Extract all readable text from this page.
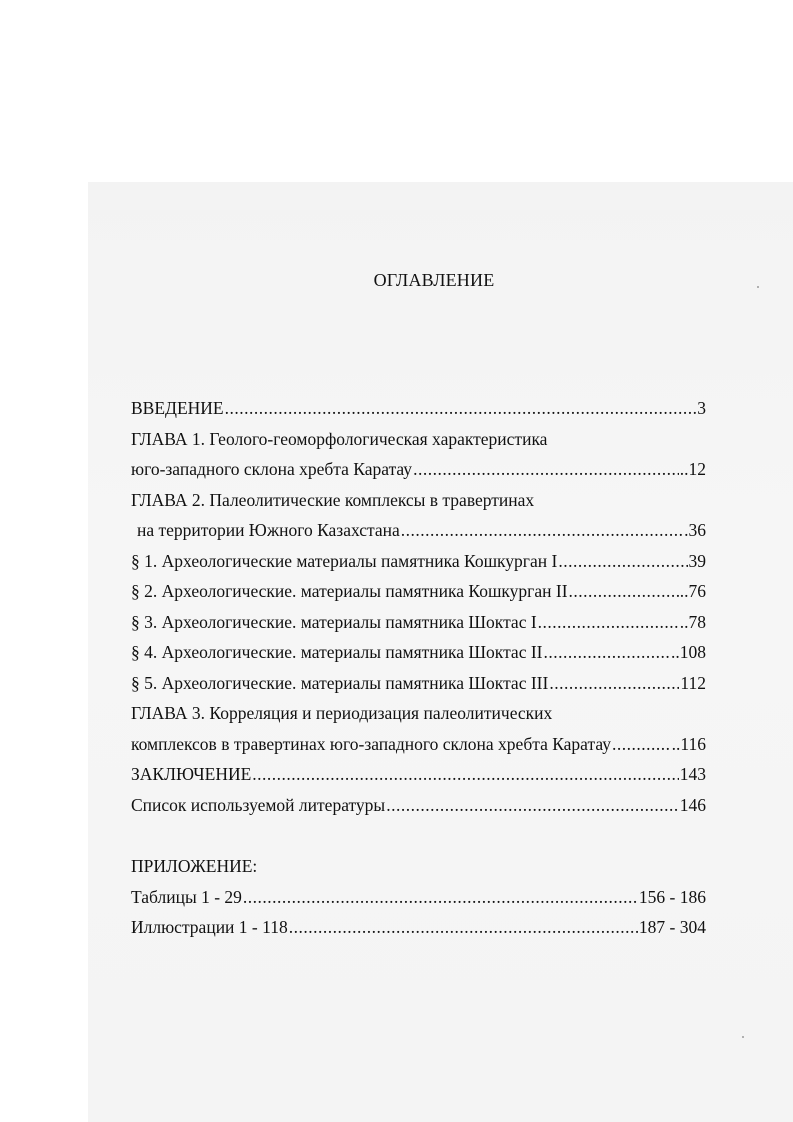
ОГЛАВЛЕНИЕ
ВВЕДЕНИЕ .....	3
ГЛАВА 1. Геолого-геоморфологическая характеристика
юго-западного склона хребта Каратау .....	..12
ГЛАВА 2. Палеолитические комплексы в травертинах
на территории Южного Казахстана .....	.36
§ 1. Археологические материалы памятника Кошкурган I .....	39
§ 2. Археологические. материалы памятника Кошкурган II .....	..76
§ 3. Археологические. материалы памятника Шоктас I .....	..78
§ 4. Археологические. материалы памятника Шоктас II .....	..108
§ 5. Археологические. материалы памятника Шоктас III .....	112
ГЛАВА 3. Корреляция и периодизация палеолитических
комплексов в травертинах юго-западного склона хребта Каратау .....	..116
ЗАКЛЮЧЕНИЕ .....	143
Список используемой литературы .....	146
ПРИЛОЖЕНИЕ:
Таблицы 1 - 29 .....	156 - 186
Иллюстрации 1 - 118 .....	187 - 304
